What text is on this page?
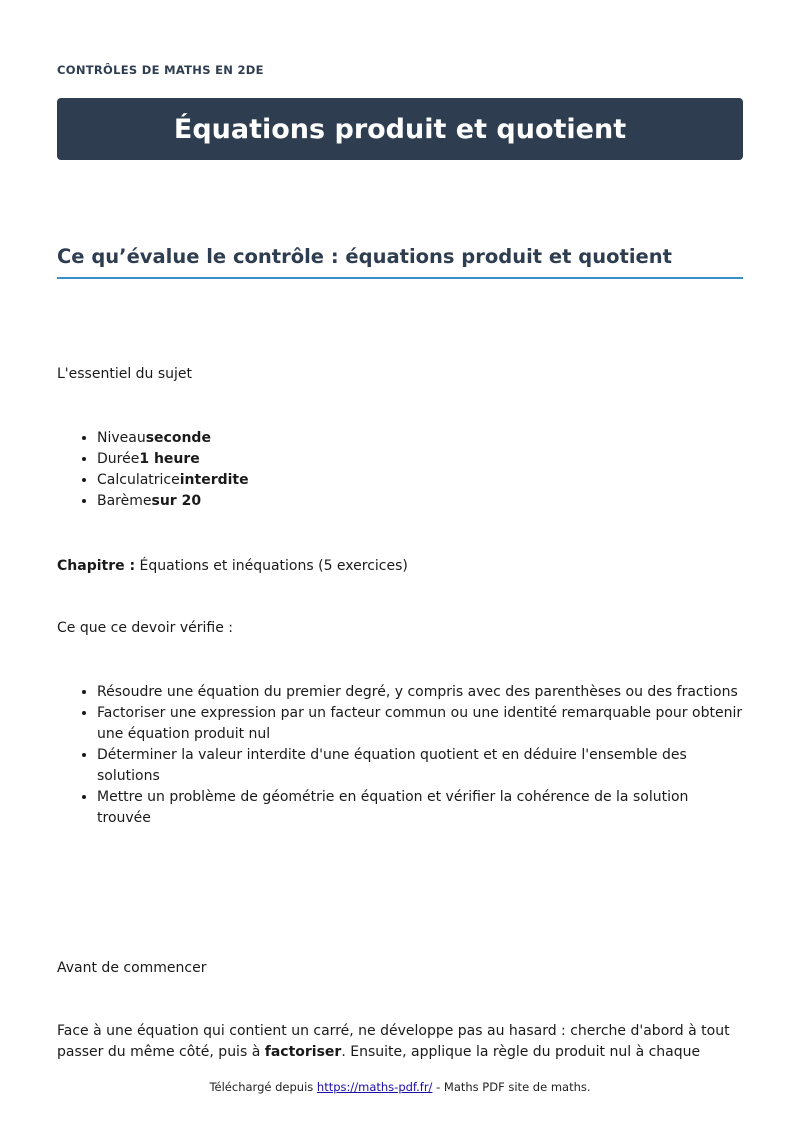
CONTRÔLES DE MATHS EN 2DE
Équations produit et quotient
Ce qu’évalue le contrôle : équations produit et quotient

L'essentiel du sujet

• Niveauseconde
• Durée1 heure
• Calculatriceinterdite
• Barèmesur 20

Chapitre : Équations et inéquations (5 exercices)

Ce que ce devoir vérifie :

• Résoudre une équation du premier degré, y compris avec des parenthèses ou des fractions
• Factoriser une expression par un facteur commun ou une identité remarquable pour obtenir une équation produit nul
• Déterminer la valeur interdite d'une équation quotient et en déduire l'ensemble des solutions
• Mettre un problème de géométrie en équation et vérifier la cohérence de la solution trouvée

Avant de commencer

Face à une équation qui contient un carré, ne développe pas au hasard : cherche d'abord à tout passer du même côté, puis à factoriser. Ensuite, applique la règle du produit nul à chaque

Téléchargé depuis https://maths-pdf.fr/ - Maths PDF site de maths.
